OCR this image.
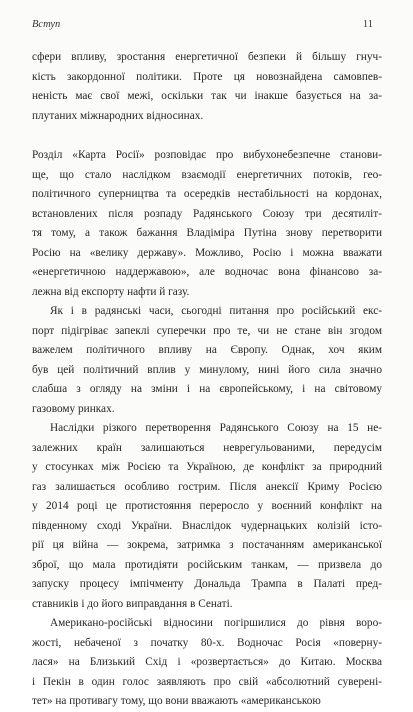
Вступ	11
сфери впливу, зростання енергетичної безпеки й більшу гнуч-
кість закордонної політики. Проте ця новознайдена самовпев-
неність має свої межі, оскільки так чи інакше базується на за-
плутаних міжнародних відносинах.
Розділ «Карта Росії» розповідає про вибухонебезпечне станови-
ще, що стало наслідком взаємодії енергетичних потоків, гео-
політичного суперництва та осередків нестабільності на кордонах,
встановлених після розпаду Радянського Союзу три десятиліт-
тя тому, а також бажання Владіміра Путіна знову перетворити
Росію на «велику державу». Можливо, Росію і можна вважати
«енергетичною наддержавою», але водночас вона фінансово за-
лежна від експорту нафти й газу.
Як і в радянські часи, сьогодні питання про російський екс-
порт підігріває запеклі суперечки про те, чи не стане він згодом
важелем політичного впливу на Європу. Однак, хоч яким
був цей політичний вплив у минулому, нині його сила значно
слабша з огляду на зміни і на європейському, і на світовому
газовому ринках.
Наслідки різкого перетворення Радянського Союзу на 15 не-
залежних країн залишаються неврегульованими, передусім
у стосунках між Росією та Україною, де конфлікт за природний
газ залишається особливо гострим. Після анексії Криму Росією
у 2014 році це протистояння переросло у воєнний конфлікт на
південному сході України. Внаслідок чудернацьких колізій істо-
рії ця війна — зокрема, затримка з постачанням американської
зброї, що мала протидіяти російським танкам, — призвела до
запуску процесу імпічменту Дональда Трампа в Палаті пред-
ставників і до його виправдання в Сенаті.
Американо-російські відносини погіршилися до рівня воро-
жості, небаченої з початку 80-х. Водночас Росія «поверну-
лася» на Близький Схід і «розвертається» до Китаю. Москва
і Пекін в один голос заявляють про свій «абсолютний суверені-
тет» на противагу тому, що вони вважають «американською
